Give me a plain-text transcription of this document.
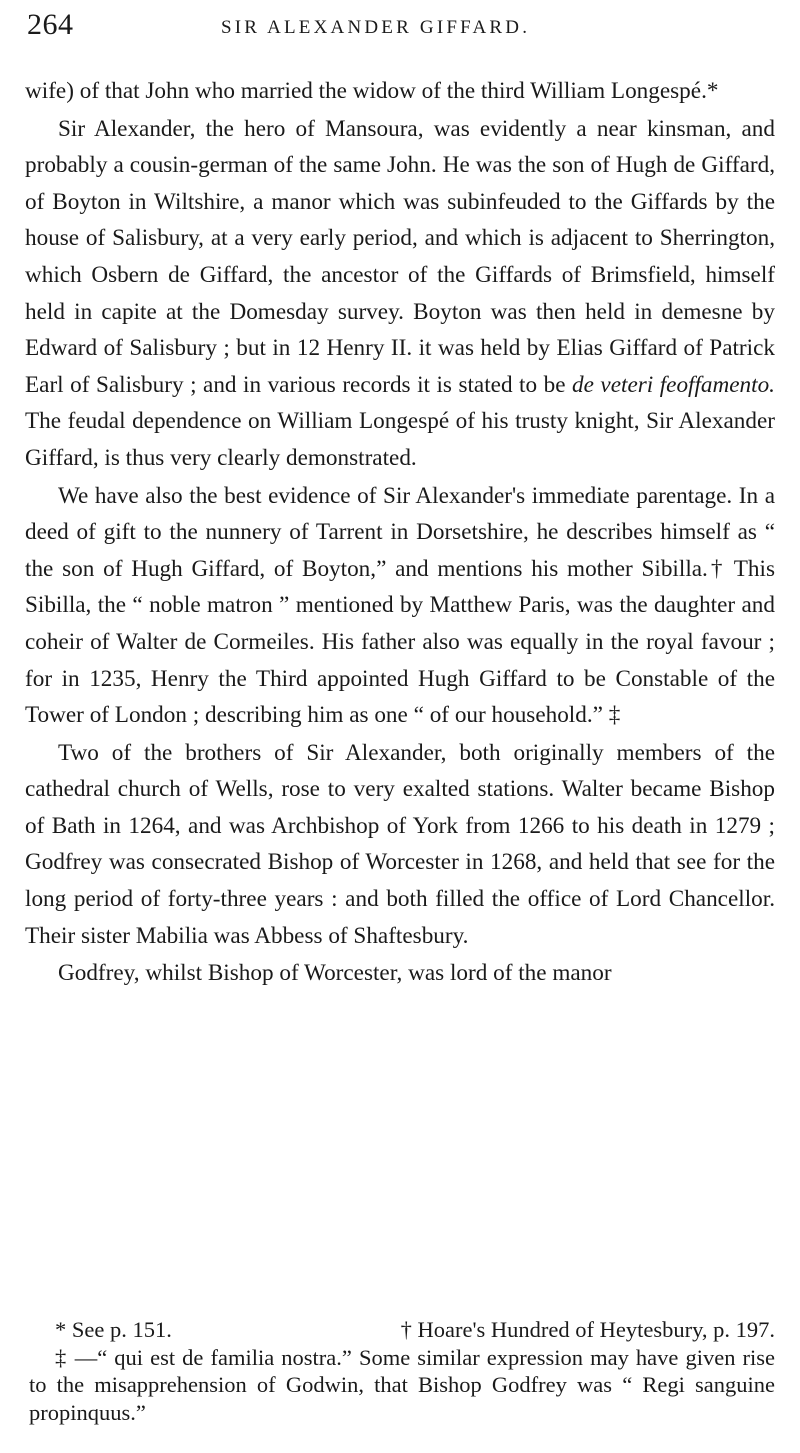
264	SIR ALEXANDER GIFFARD.

wife) of that John who married the widow of the third William Longespé.*

Sir Alexander, the hero of Mansoura, was evidently a near kinsman, and probably a cousin-german of the same John. He was the son of Hugh de Giffard, of Boyton in Wiltshire, a manor which was subinfeuded to the Giffards by the house of Salisbury, at a very early period, and which is adjacent to Sherrington, which Osbern de Giffard, the ancestor of the Giffards of Brimsfield, himself held in capite at the Domesday survey. Boyton was then held in demesne by Edward of Salisbury ; but in 12 Henry II. it was held by Elias Giffard of Patrick Earl of Salisbury ; and in various records it is stated to be de veteri feoffamento. The feudal dependence on William Longespé of his trusty knight, Sir Alexander Giffard, is thus very clearly demonstrated.

We have also the best evidence of Sir Alexander's immediate parentage. In a deed of gift to the nunnery of Tarrent in Dorsetshire, he describes himself as “ the son of Hugh Giffard, of Boyton,” and mentions his mother Sibilla.† This Sibilla, the “ noble matron ” mentioned by Matthew Paris, was the daughter and coheir of Walter de Cormeiles. His father also was equally in the royal favour ; for in 1235, Henry the Third appointed Hugh Giffard to be Constable of the Tower of London ; describing him as one “ of our household.” ‡

Two of the brothers of Sir Alexander, both originally members of the cathedral church of Wells, rose to very exalted stations. Walter became Bishop of Bath in 1264, and was Archbishop of York from 1266 to his death in 1279 ; Godfrey was consecrated Bishop of Worcester in 1268, and held that see for the long period of forty-three years : and both filled the office of Lord Chancellor. Their sister Mabilia was Abbess of Shaftesbury.

Godfrey, whilst Bishop of Worcester, was lord of the manor

* See p. 151.	† Hoare's Hundred of Heytesbury, p. 197.

‡ —“ qui est de familia nostra.” Some similar expression may have given rise to the misapprehension of Godwin, that Bishop Godfrey was “ Regi sanguine propinquus.”
